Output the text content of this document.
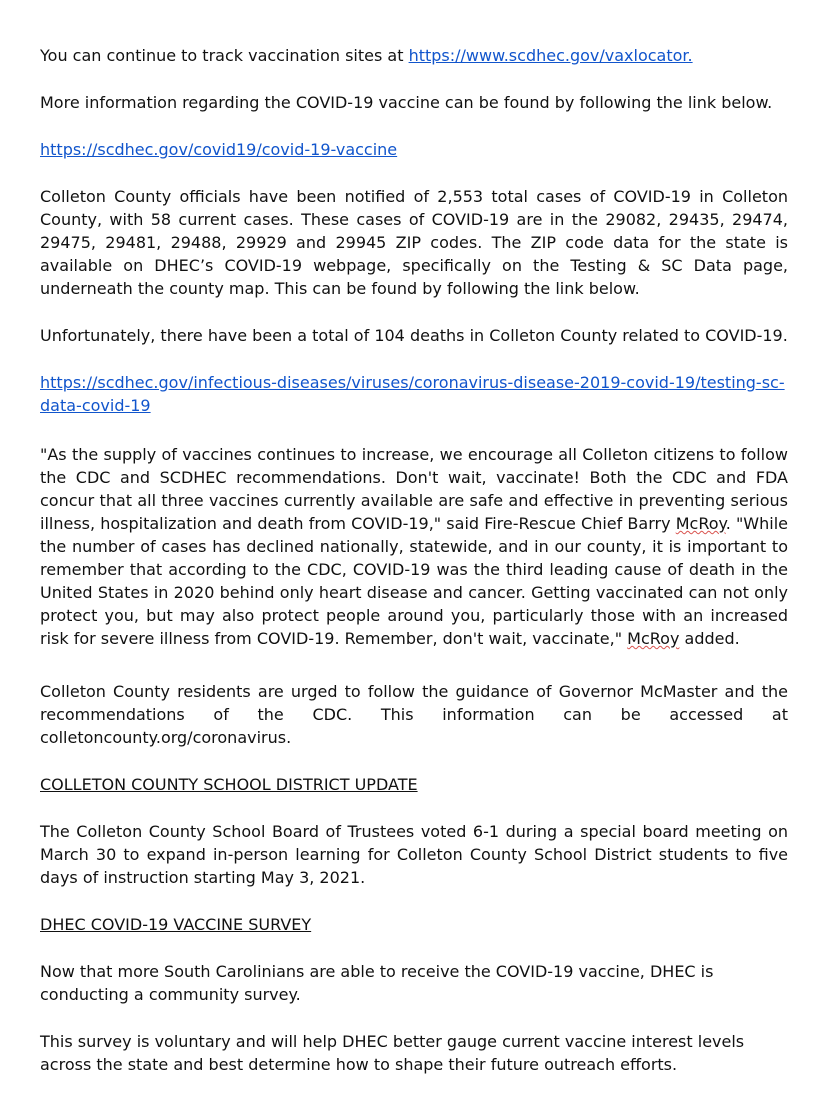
You can continue to track vaccination sites at https://www.scdhec.gov/vaxlocator.

More information regarding the COVID-19 vaccine can be found by following the link below.

https://scdhec.gov/covid19/covid-19-vaccine

Colleton County officials have been notified of 2,553 total cases of COVID-19 in Colleton County, with 58 current cases. These cases of COVID-19 are in the 29082, 29435, 29474, 29475, 29481, 29488, 29929 and 29945 ZIP codes. The ZIP code data for the state is available on DHEC’s COVID-19 webpage, specifically on the Testing & SC Data page, underneath the county map. This can be found by following the link below.

Unfortunately, there have been a total of 104 deaths in Colleton County related to COVID-19.

https://scdhec.gov/infectious-diseases/viruses/coronavirus-disease-2019-covid-19/testing-sc-data-covid-19

"As the supply of vaccines continues to increase, we encourage all Colleton citizens to follow the CDC and SCDHEC recommendations. Don't wait, vaccinate! Both the CDC and FDA concur that all three vaccines currently available are safe and effective in preventing serious illness, hospitalization and death from COVID-19," said Fire-Rescue Chief Barry McRoy. "While the number of cases has declined nationally, statewide, and in our county, it is important to remember that according to the CDC, COVID-19 was the third leading cause of death in the United States in 2020 behind only heart disease and cancer. Getting vaccinated can not only protect you, but may also protect people around you, particularly those with an increased risk for severe illness from COVID-19. Remember, don't wait, vaccinate," McRoy added.

Colleton County residents are urged to follow the guidance of Governor McMaster and the recommendations of the CDC. This information can be accessed at colletoncounty.org/coronavirus.

COLLETON COUNTY SCHOOL DISTRICT UPDATE

The Colleton County School Board of Trustees voted 6-1 during a special board meeting on March 30 to expand in-person learning for Colleton County School District students to five days of instruction starting May 3, 2021.

DHEC COVID-19 VACCINE SURVEY

Now that more South Carolinians are able to receive the COVID-19 vaccine, DHEC is conducting a community survey.

This survey is voluntary and will help DHEC better gauge current vaccine interest levels across the state and best determine how to shape their future outreach efforts.
